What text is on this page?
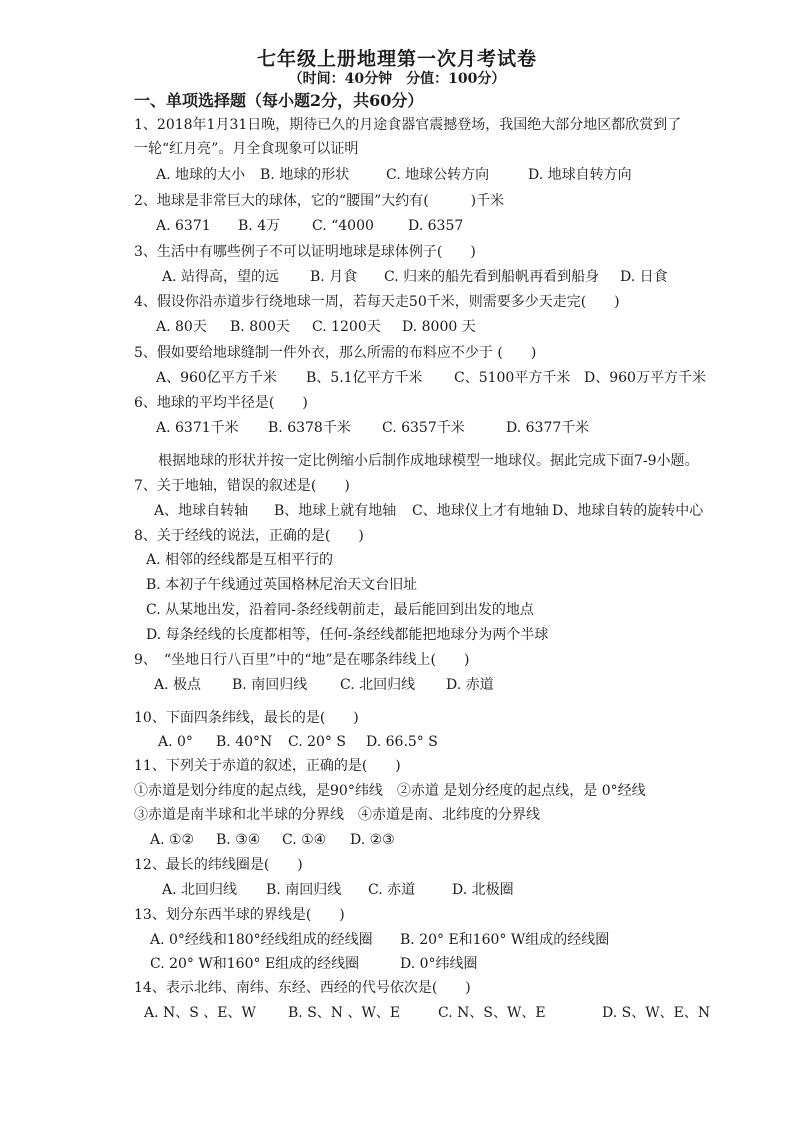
七年级上册地理第一次月考试卷
（时间：40分钟　分值：100分）
一、单项选择题（每小题2分，共60分）
1、2018年1月31日晚，期待已久的月途食器官震撼登场，我国绝大部分地区都欣赏到了
一轮“红月亮”。月全食现象可以证明
A. 地球的大小 B. 地球的形状	C. 地球公转方向	D. 地球自转方向
2、地球是非常巨大的球体，它的“腰围”大约有(　　　)千米
A. 6371 B. 4万 C. “4000 D. 6357
3、生活中有哪些例子不可以证明地球是球体例子(　　)
A. 站得高，望的远 B. 月食 C. 归来的船先看到船帆再看到船身 D. 日食
4、假设你沿赤道步行绕地球一周，若每天走50千米，则需要多少天走完(　　)
A. 80天 B. 800天 C. 1200天 D. 8000 天
5、假如要给地球缝制一件外衣，那么所需的布料应不少于 (　　)
A、960亿平方千米 B、5.1亿平方千米 C、5100平方千米 D、960万平方千米
6、地球的平均半径是(　　)
A. 6371千米 B. 6378千米 C. 6357千米	D. 6377千米
根据地球的形状并按一定比例缩小后制作成地球模型一地球仪。据此完成下面7-9小题。
7、关于地轴，错误的叙述是(　　)
A、地球自转轴 B、地球上就有地轴 C、地球仪上才有地轴 D、地球自转的旋转中心
8、关于经线的说法，正确的是(　　)
A. 相邻的经线都是互相平行的
B. 本初子午线通过英国格林尼治天文台旧址
C. 从某地出发，沿着同-条经线朝前走，最后能回到出发的地点
D. 每条经线的长度都相等，任何-条经线都能把地球分为两个半球
9、　“坐地日行八百里”中的“地”是在哪条纬线上(　　)
A. 极点 B. 南回归线 C. 北回归线 D. 赤道
10、下面四条纬线，最长的是(　　)
A. 0° B. 40°N C. 20° S D. 66.5° S
11、下列关于赤道的叙述，正确的是(　　)
①赤道是划分纬度的起点线，是90°纬线　②赤道 是划分经度的起点线，是 0°经线
③赤道是南半球和北半球的分界线　④赤道是南、北纬度的分界线
A. ①② B. ③④ C. ①④ D. ②③
12、最长的纬线圈是(　　)
A. 北回归线 B. 南回归线 C. 赤道	D. 北极圈
13、划分东西半球的界线是(　　)
A. 0°经线和180°经线组成的经线圈 B. 20° E和160° W组成的经线圈
C. 20° W和160° E组成的经线圈	D. 0°纬线圈
14、表示北纬、南纬、东经、西经的代号依次是(　　)
A. N、S 、E、W B. S、N 、W、E	C. N、S、W、E	D. S、W、E、N
